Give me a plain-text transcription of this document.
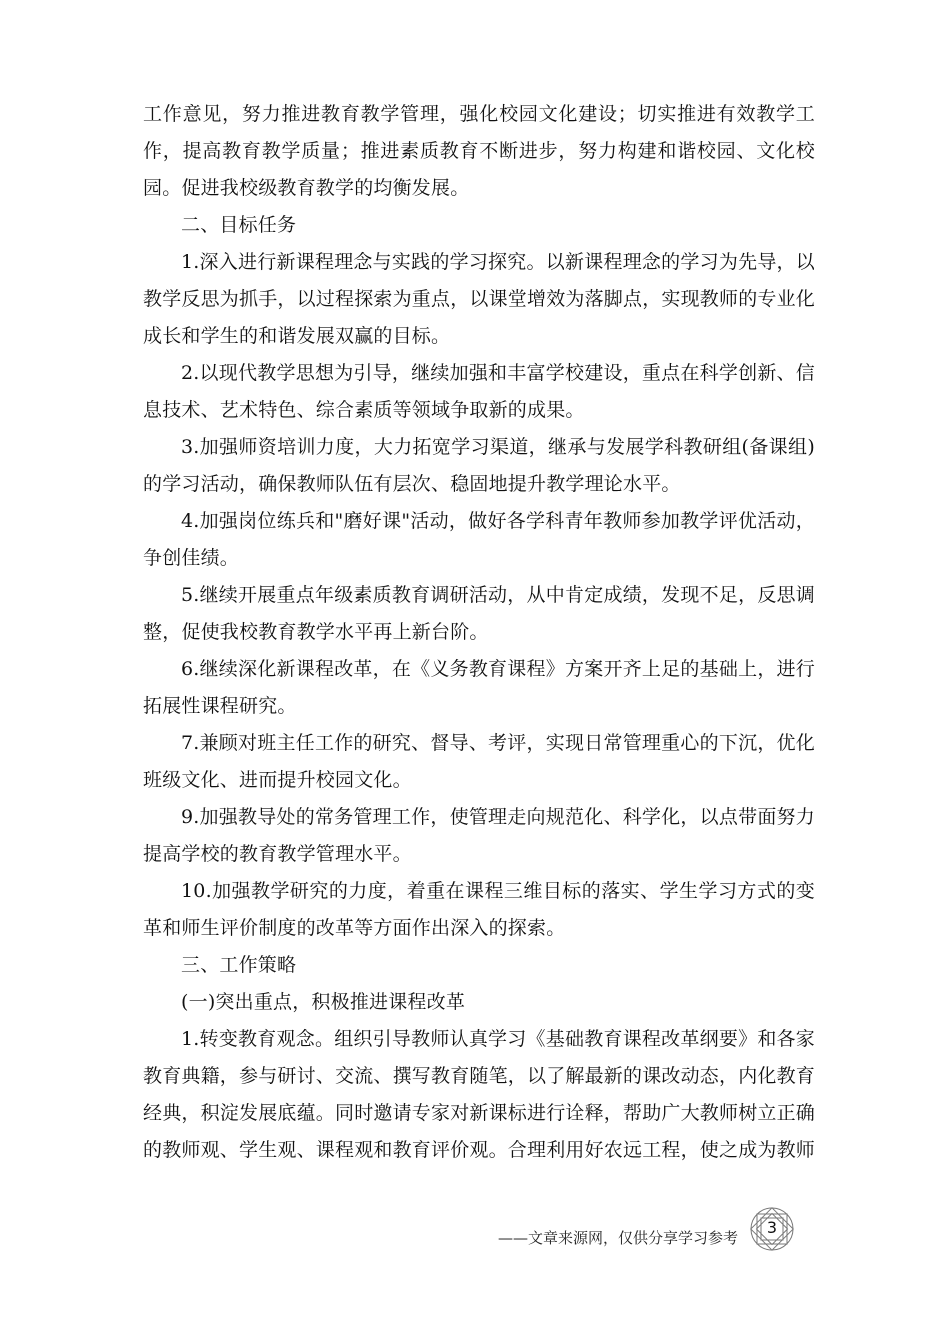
工作意见，努力推进教育教学管理，强化校园文化建设；切实推进有效教学工作，提高教育教学质量；推进素质教育不断进步，努力构建和谐校园、文化校园。促进我校级教育教学的均衡发展。

二、目标任务

1.深入进行新课程理念与实践的学习探究。以新课程理念的学习为先导，以教学反思为抓手，以过程探索为重点，以课堂增效为落脚点，实现教师的专业化成长和学生的和谐发展双赢的目标。

2.以现代教学思想为引导，继续加强和丰富学校建设，重点在科学创新、信息技术、艺术特色、综合素质等领域争取新的成果。

3.加强师资培训力度，大力拓宽学习渠道，继承与发展学科教研组(备课组)的学习活动，确保教师队伍有层次、稳固地提升教学理论水平。

4.加强岗位练兵和"磨好课"活动，做好各学科青年教师参加教学评优活动，争创佳绩。

5.继续开展重点年级素质教育调研活动，从中肯定成绩，发现不足，反思调整，促使我校教育教学水平再上新台阶。

6.继续深化新课程改革，在《义务教育课程》方案开齐上足的基础上，进行拓展性课程研究。

7.兼顾对班主任工作的研究、督导、考评，实现日常管理重心的下沉，优化班级文化、进而提升校园文化。

9.加强教导处的常务管理工作，使管理走向规范化、科学化，以点带面努力提高学校的教育教学管理水平。

10.加强教学研究的力度，着重在课程三维目标的落实、学生学习方式的变革和师生评价制度的改革等方面作出深入的探索。

三、工作策略

(一)突出重点，积极推进课程改革

1.转变教育观念。组织引导教师认真学习《基础教育课程改革纲要》和各家教育典籍，参与研讨、交流、撰写教育随笔，以了解最新的课改动态，内化教育经典，积淀发展底蕴。同时邀请专家对新课标进行诠释，帮助广大教师树立正确的教师观、学生观、课程观和教育评价观。合理利用好农远工程，使之成为教师

——文章来源网，仅供分享学习参考
3
